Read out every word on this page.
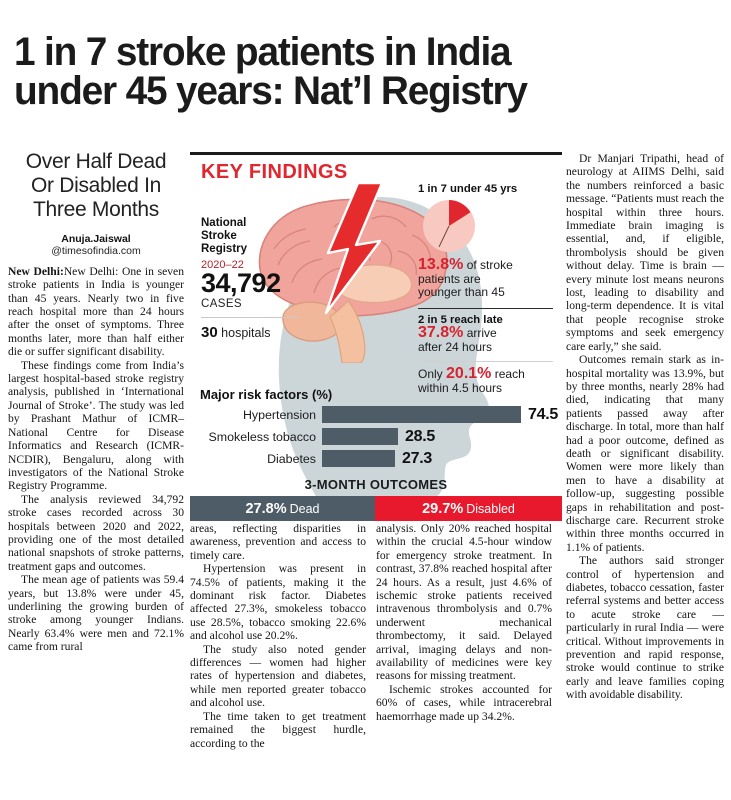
1 in 7 stroke patients in India
under 45 years: Nat’l Registry
Over Half Dead
Or Disabled In
Three Months
Anuja.Jaiswal
@timesofindia.com

New Delhi:New Delhi: One in seven stroke patients in India is younger than 45 years. Nearly two in five reach hospital more than 24 hours after the onset of symptoms. Three months later, more than half either die or suffer significant disability.

These findings come from India’s largest hospital-based stroke registry analysis, published in ‘International Journal of Stroke’. The study was led by Prashant Mathur of ICMR–National Centre for Disease Informatics and Research (ICMR-NCDIR), Bengaluru, along with investigators of the National Stroke Registry Programme.

The analysis reviewed 34,792 stroke cases recorded across 30 hospitals between 2020 and 2022, providing one of the most detailed national snapshots of stroke patterns, treatment gaps and outcomes.

The mean age of patients was 59.4 years, but 13.8% were under 45, underlining the growing burden of stroke among younger Indians. Nearly 63.4% were men and 72.1% came from rural

KEY FINDINGS
National
Stroke
Registry
2020–22
34,792
CASES
30 hospitals
1 in 7 under 45 yrs
13.8% of stroke
patients are
younger than 45
2 in 5 reach late
37.8% arrive
after 24 hours
Only 20.1% reach
within 4.5 hours
Major risk factors (%)
Hypertension	74.5
Smokeless tobacco	28.5
Diabetes	27.3
3-MONTH OUTCOMES
27.8% Dead	29.7% Disabled

Dr Manjari Tripathi, head of neurology at AIIMS Delhi, said the numbers reinforced a basic message. “Patients must reach the hospital within three hours. Immediate brain imaging is essential, and, if eligible, thrombolysis should be given without delay. Time is brain — every minute lost means neurons lost, leading to disability and long-term dependence. It is vital that people recognise stroke symptoms and seek emergency care early,” she said.

Outcomes remain stark as in-hospital mortality was 13.9%, but by three months, nearly 28% had died, indicating that many patients passed away after discharge. In total, more than half had a poor outcome, defined as death or significant disability. Women were more likely than men to have a disability at follow-up, suggesting possible gaps in rehabilitation and post-discharge care. Recurrent stroke within three months occurred in 1.1% of patients.

The authors said stronger control of hypertension and diabetes, tobacco cessation, faster referral systems and better access to acute stroke care — particularly in rural India — were critical. Without improvements in prevention and rapid response, stroke would continue to strike early and leave families coping with avoidable disability.

areas, reflecting disparities in awareness, prevention and access to timely care.

Hypertension was present in 74.5% of patients, making it the dominant risk factor. Diabetes affected 27.3%, smokeless tobacco use 28.5%, tobacco smoking 22.6% and alcohol use 20.2%.

The study also noted gender differences — women had higher rates of hypertension and diabetes, while men reported greater tobacco and alcohol use.

The time taken to get treatment remained the biggest hurdle, according to the

analysis. Only 20% reached hospital within the crucial 4.5-hour window for emergency stroke treatment. In contrast, 37.8% reached hospital after 24 hours. As a result, just 4.6% of ischemic stroke patients received intravenous thrombolysis and 0.7% underwent mechanical thrombectomy, it said. Delayed arrival, imaging delays and non-availability of medicines were key reasons for missing treatment.

Ischemic strokes accounted for 60% of cases, while intracerebral haemorrhage made up 34.2%.
